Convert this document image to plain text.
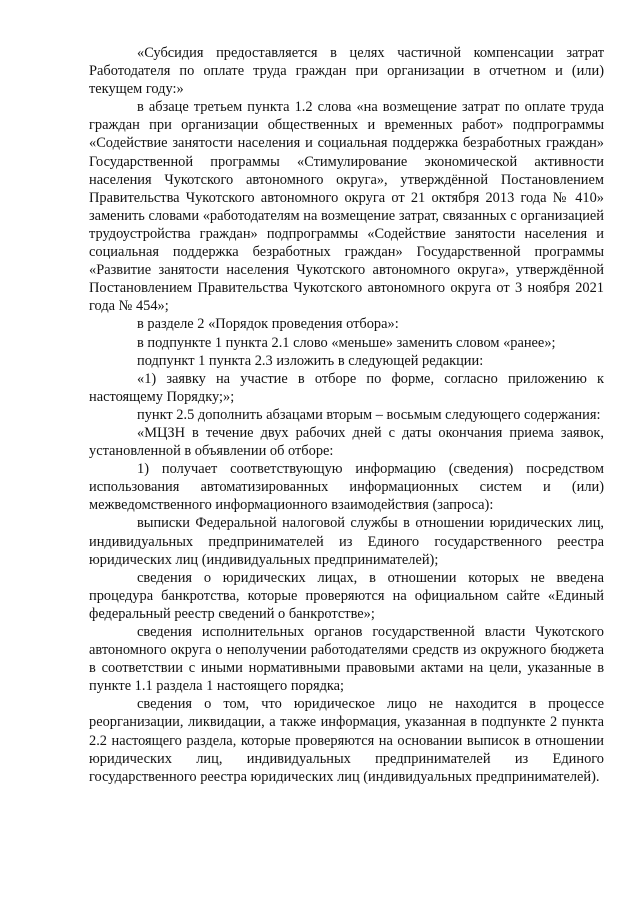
«Субсидия предоставляется в целях частичной компенсации затрат Работодателя по оплате труда граждан при организации в отчетном и (или) текущем году:»

в абзаце третьем пункта 1.2 слова «на возмещение затрат по оплате труда граждан при организации общественных и временных работ» подпрограммы «Содействие занятости населения и социальная поддержка безработных граждан» Государственной программы «Стимулирование экономической активности населения Чукотского автономного округа», утверждённой Постановлением Правительства Чукотского автономного округа от 21 октября 2013 года № 410» заменить словами «работодателям на возмещение затрат, связанных с организацией трудоустройства граждан» подпрограммы «Содействие занятости населения и социальная поддержка безработных граждан» Государственной программы «Развитие занятости населения Чукотского автономного округа», утверждённой Постановлением Правительства Чукотского автономного округа от 3 ноября 2021 года № 454»;

в разделе 2 «Порядок проведения отбора»:

в подпункте 1 пункта 2.1 слово «меньше» заменить словом «ранее»;

подпункт 1 пункта 2.3 изложить в следующей редакции:

«1) заявку на участие в отборе по форме, согласно приложению к настоящему Порядку;»;

пункт 2.5 дополнить абзацами вторым – восьмым следующего содержания:

«МЦЗН в течение двух рабочих дней с даты окончания приема заявок, установленной в объявлении об отборе:

1) получает соответствующую информацию (сведения) посредством использования автоматизированных информационных систем и (или) межведомственного информационного взаимодействия (запроса):

выписки Федеральной налоговой службы в отношении юридических лиц, индивидуальных предпринимателей из Единого государственного реестра юридических лиц (индивидуальных предпринимателей);

сведения о юридических лицах, в отношении которых не введена процедура банкротства, которые проверяются на официальном сайте «Единый федеральный реестр сведений о банкротстве»;

сведения исполнительных органов государственной власти Чукотского автономного округа о неполучении работодателями средств из окружного бюджета в соответствии с иными нормативными правовыми актами на цели, указанные в пункте 1.1 раздела 1 настоящего порядка;

сведения о том, что юридическое лицо не находится в процессе реорганизации, ликвидации, а также информация, указанная в подпункте 2 пункта 2.2 настоящего раздела, которые проверяются на основании выписок в отношении юридических лиц, индивидуальных предпринимателей из Единого государственного реестра юридических лиц (индивидуальных предпринимателей).
